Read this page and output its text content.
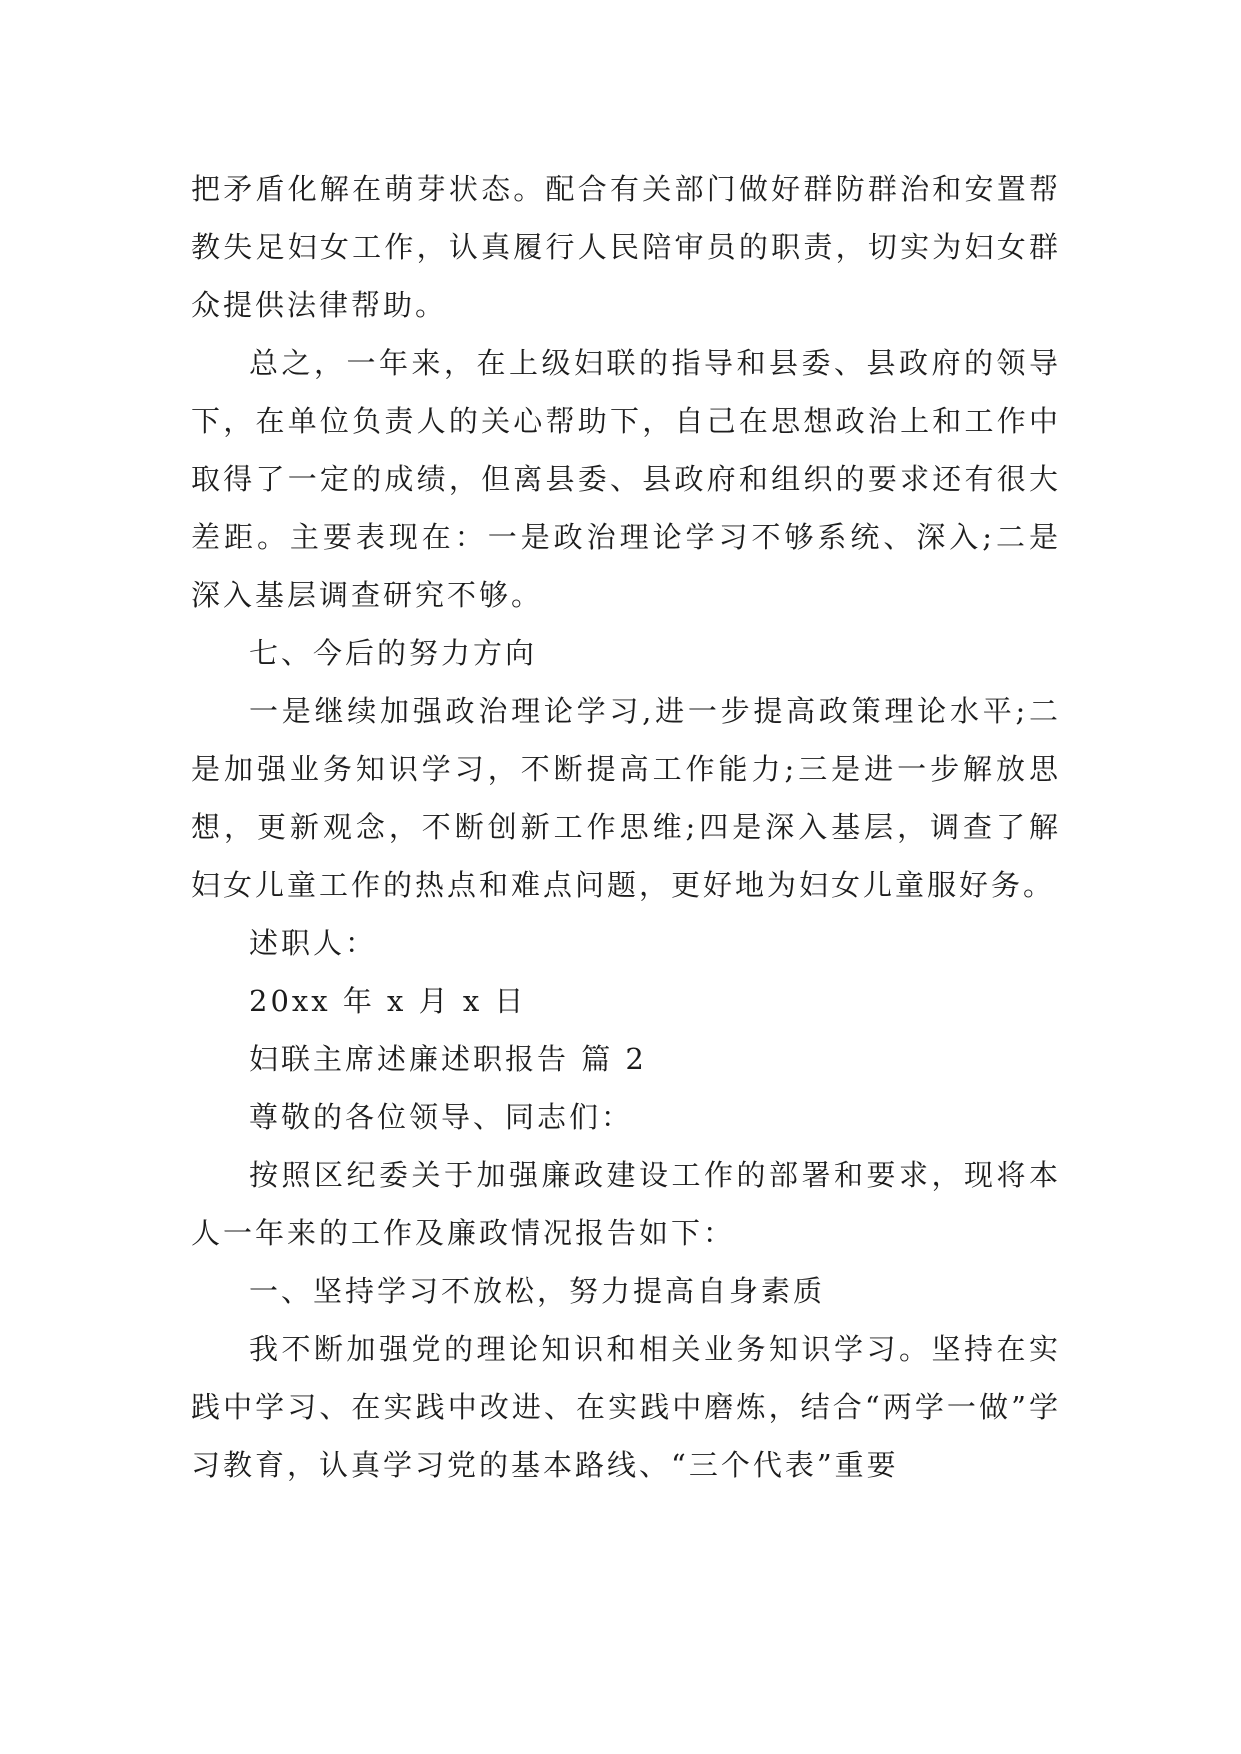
把矛盾化解在萌芽状态。配合有关部门做好群防群治和安置帮教失足妇女工作，认真履行人民陪审员的职责，切实为妇女群众提供法律帮助。

总之，一年来，在上级妇联的指导和县委、县政府的领导下，在单位负责人的关心帮助下，自己在思想政治上和工作中取得了一定的成绩，但离县委、县政府和组织的要求还有很大差距。主要表现在：一是政治理论学习不够系统、深入;二是深入基层调查研究不够。

七、今后的努力方向

一是继续加强政治理论学习,进一步提高政策理论水平;二是加强业务知识学习，不断提高工作能力;三是进一步解放思想，更新观念，不断创新工作思维;四是深入基层，调查了解妇女儿童工作的热点和难点问题，更好地为妇女儿童服好务。

述职人：

20xx 年 x 月 x 日

妇联主席述廉述职报告 篇 2

尊敬的各位领导、同志们：

按照区纪委关于加强廉政建设工作的部署和要求，现将本人一年来的工作及廉政情况报告如下：

一、坚持学习不放松，努力提高自身素质

我不断加强党的理论知识和相关业务知识学习。坚持在实践中学习、在实践中改进、在实践中磨炼，结合“两学一做”学习教育，认真学习党的基本路线、“三个代表”重要
